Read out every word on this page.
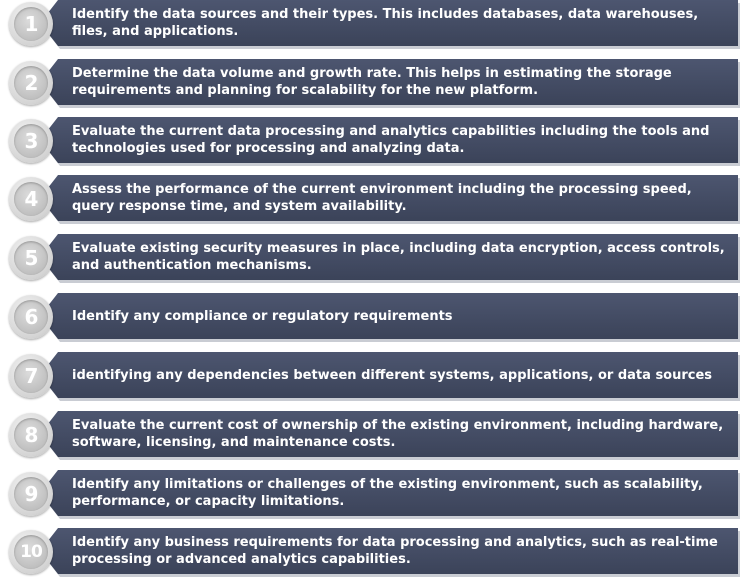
Identify the data sources and their types. This includes databases, data warehouses, files, and applications.
1
Determine the data volume and growth rate. This helps in estimating the storage requirements and planning for scalability for the new platform.
2
Evaluate the current data processing and analytics capabilities including the tools and technologies used for processing and analyzing data.
3
Assess the performance of the current environment including the processing speed, query response time, and system availability.
4
Evaluate existing security measures in place, including data encryption, access controls, and authentication mechanisms.
5
Identify any compliance or regulatory requirements
6
identifying any dependencies between different systems, applications, or data sources
7
Evaluate the current cost of ownership of the existing environment, including hardware, software, licensing, and maintenance costs.
8
Identify any limitations or challenges of the existing environment, such as scalability, performance, or capacity limitations.
9
Identify any business requirements for data processing and analytics, such as real-time processing or advanced analytics capabilities.
10
